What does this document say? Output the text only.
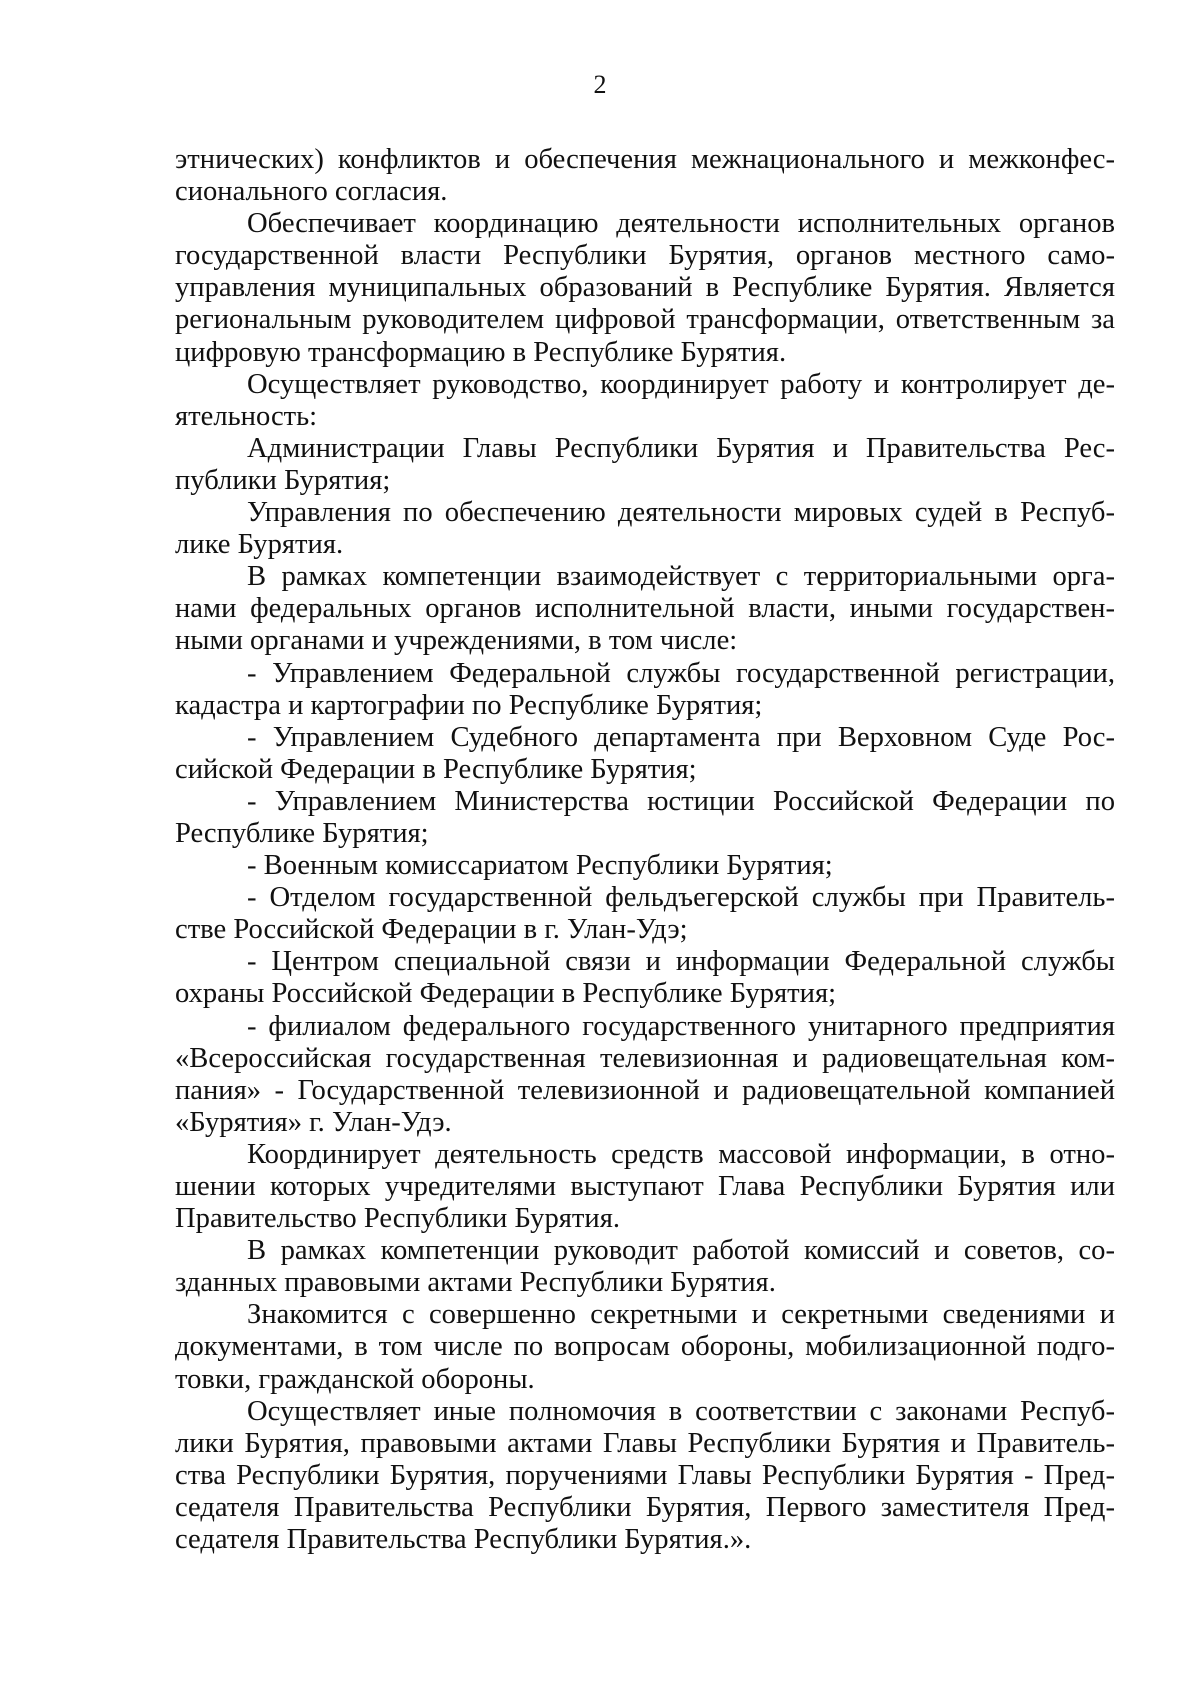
2
этнических) конфликтов и обеспечения межнационального и межконфес-
сионального согласия.
Обеспечивает координацию деятельности исполнительных органов
государственной власти Республики Бурятия, органов местного само-
управления муниципальных образований в Республике Бурятия. Является
региональным руководителем цифровой трансформации, ответственным за
цифровую трансформацию в Республике Бурятия.
Осуществляет руководство, координирует работу и контролирует де-
ятельность:
Администрации Главы Республики Бурятия и Правительства Рес-
публики Бурятия;
Управления по обеспечению деятельности мировых судей в Респуб-
лике Бурятия.
В рамках компетенции взаимодействует с территориальными орга-
нами федеральных органов исполнительной власти, иными государствен-
ными органами и учреждениями, в том числе:
- Управлением Федеральной службы государственной регистрации,
кадастра и картографии по Республике Бурятия;
- Управлением Судебного департамента при Верховном Суде Рос-
сийской Федерации в Республике Бурятия;
- Управлением Министерства юстиции Российской Федерации по
Республике Бурятия;
- Военным комиссариатом Республики Бурятия;
- Отделом государственной фельдъегерской службы при Правитель-
стве Российской Федерации в г. Улан-Удэ;
- Центром специальной связи и информации Федеральной службы
охраны Российской Федерации в Республике Бурятия;
- филиалом федерального государственного унитарного предприятия
«Всероссийская государственная телевизионная и радиовещательная ком-
пания» - Государственной телевизионной и радиовещательной компанией
«Бурятия» г. Улан-Удэ.
Координирует деятельность средств массовой информации, в отно-
шении которых учредителями выступают Глава Республики Бурятия или
Правительство Республики Бурятия.
В рамках компетенции руководит работой комиссий и советов, со-
зданных правовыми актами Республики Бурятия.
Знакомится с совершенно секретными и секретными сведениями и
документами, в том числе по вопросам обороны, мобилизационной подго-
товки, гражданской обороны.
Осуществляет иные полномочия в соответствии с законами Респуб-
лики Бурятия, правовыми актами Главы Республики Бурятия и Правитель-
ства Республики Бурятия, поручениями Главы Республики Бурятия - Пред-
седателя Правительства Республики Бурятия, Первого заместителя Пред-
седателя Правительства Республики Бурятия.».
